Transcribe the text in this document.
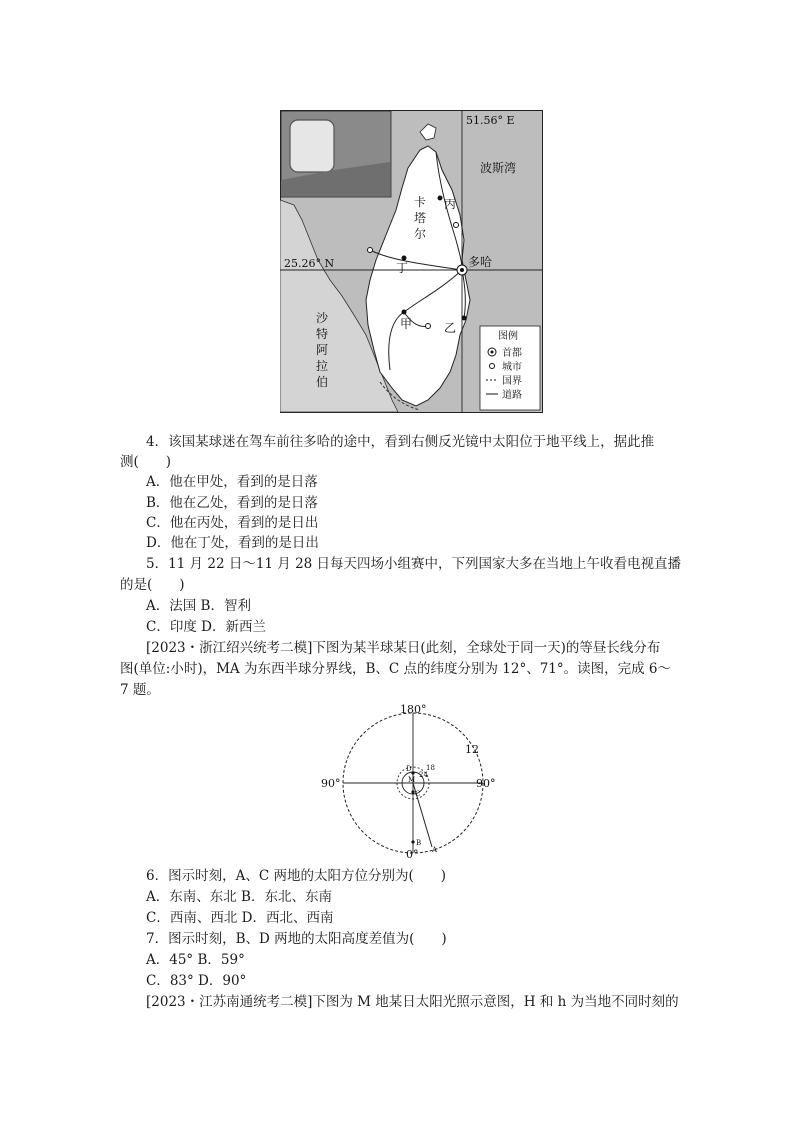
51.56° E
25.26° N
波斯湾
卡
塔
尔
多哈
丙
丁
甲	乙
沙
特
阿
拉
伯
图例
首都
城市
国界
道路
4．该国某球迷在驾车前往多哈的途中，看到右侧反光镜中太阳位于地平线上，据此推
测(　　)
A．他在甲处，看到的是日落
B．他在乙处，看到的是日落
C．他在丙处，看到的是日出
D．他在丁处，看到的是日出
5．11 月 22 日～11 月 28 日每天四场小组赛中，下列国家大多在当地上午收看电视直播
的是(　　)
A．法国 B．智利
C．印度 D．新西兰
[2023・浙江绍兴统考二模]下图为某半球某日(此刻，全球处于同一天)的等昼长线分布
图(单位:小时)，MA 为东西半球分界线，B、C 点的纬度分别为 12°、71°。读图，完成 6～
7 题。
180°
90°	90°
0°
12
18
24
D
M
C
B
A
6．图示时刻，A、C 两地的太阳方位分别为(　　)
A．东南、东北 B．东北、东南
C．西南、西北 D．西北、西南
7．图示时刻，B、D 两地的太阳高度差值为(　　)
A．45° B．59°
C．83° D．90°
[2023・江苏南通统考二模]下图为 M 地某日太阳光照示意图，H 和 h 为当地不同时刻的
